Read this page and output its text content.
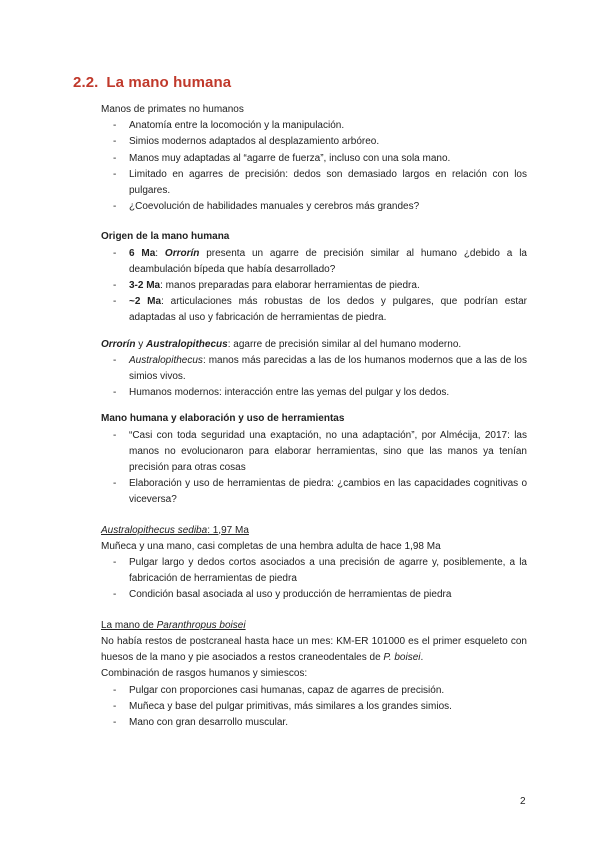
2.2. La mano humana

Manos de primates no humanos

- Anatomía entre la locomoción y la manipulación.
- Simios modernos adaptados al desplazamiento arbóreo.
- Manos muy adaptadas al “agarre de fuerza”, incluso con una sola mano.
- Limitado en agarres de precisión: dedos son demasiado largos en relación con los pulgares.
- ¿Coevolución de habilidades manuales y cerebros más grandes?

Origen de la mano humana

- 6 Ma: Orrorín presenta un agarre de precisión similar al humano ¿debido a la deambulación bípeda que había desarrollado?
- 3-2 Ma: manos preparadas para elaborar herramientas de piedra.
- ~2 Ma: articulaciones más robustas de los dedos y pulgares, que podrían estar adaptadas al uso y fabricación de herramientas de piedra.

Orrorín y Australopithecus: agarre de precisión similar al del humano moderno.

- Australopithecus: manos más parecidas a las de los humanos modernos que a las de los simios vivos.
- Humanos modernos: interacción entre las yemas del pulgar y los dedos.

Mano humana y elaboración y uso de herramientas

- “Casi con toda seguridad una exaptación, no una adaptación”, por Almécija, 2017: las manos no evolucionaron para elaborar herramientas, sino que las manos ya tenían precisión para otras cosas
- Elaboración y uso de herramientas de piedra: ¿cambios en las capacidades cognitivas o viceversa?

Australopithecus sediba: 1,97 Ma

Muñeca y una mano, casi completas de una hembra adulta de hace 1,98 Ma

- Pulgar largo y dedos cortos asociados a una precisión de agarre y, posiblemente, a la fabricación de herramientas de piedra
- Condición basal asociada al uso y producción de herramientas de piedra

La mano de Paranthropus boisei

No había restos de postcraneal hasta hace un mes: KM-ER 101000 es el primer esqueleto con huesos de la mano y pie asociados a restos craneodentales de P. boisei.

Combinación de rasgos humanos y simiescos:

- Pulgar con proporciones casi humanas, capaz de agarres de precisión.
- Muñeca y base del pulgar primitivas, más similares a los grandes simios.
- Mano con gran desarrollo muscular.
2
